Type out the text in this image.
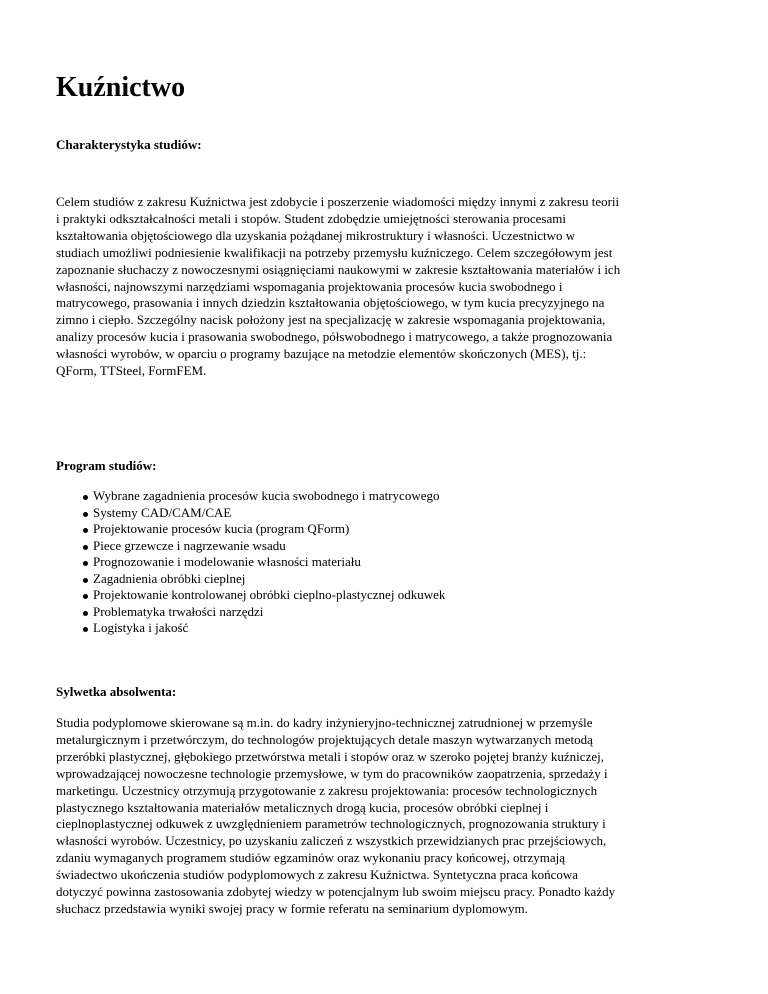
Kuźnictwo
Charakterystyka studiów:
Celem studiów z zakresu Kuźnictwa jest zdobycie i poszerzenie wiadomości między innymi z zakresu teorii
i praktyki odkształcalności metali i stopów. Student zdobędzie umiejętności sterowania procesami
kształtowania objętościowego dla uzyskania pożądanej mikrostruktury i własności. Uczestnictwo w
studiach umożliwi podniesienie kwalifikacji na potrzeby przemysłu kuźniczego. Celem szczegółowym jest
zapoznanie słuchaczy z nowoczesnymi osiągnięciami naukowymi w zakresie kształtowania materiałów i ich
własności, najnowszymi narzędziami wspomagania projektowania procesów kucia swobodnego i
matrycowego, prasowania i innych dziedzin kształtowania objętościowego, w tym kucia precyzyjnego na
zimno i ciepło. Szczególny nacisk położony jest na specjalizację w zakresie wspomagania projektowania,
analizy procesów kucia i prasowania swobodnego, półswobodnego i matrycowego, a także prognozowania
własności wyrobów, w oparciu o programy bazujące na metodzie elementów skończonych (MES), tj.:
QForm, TTSteel, FormFEM.
Program studiów:
Wybrane zagadnienia procesów kucia swobodnego i matrycowego
Systemy CAD/CAM/CAE
Projektowanie procesów kucia (program QForm)
Piece grzewcze i nagrzewanie wsadu
Prognozowanie i modelowanie własności materiału
Zagadnienia obróbki cieplnej
Projektowanie kontrolowanej obróbki cieplno-plastycznej odkuwek
Problematyka trwałości narzędzi
Logistyka i jakość
Sylwetka absolwenta:
Studia podyplomowe skierowane są m.in. do kadry inżynieryjno-technicznej zatrudnionej w przemyśle
metalurgicznym i przetwórczym, do technologów projektujących detale maszyn wytwarzanych metodą
przeróbki plastycznej, głębokiego przetwórstwa metali i stopów oraz w szeroko pojętej branży kuźniczej,
wprowadzającej nowoczesne technologie przemysłowe, w tym do pracowników zaopatrzenia, sprzedaży i
marketingu. Uczestnicy otrzymują przygotowanie z zakresu projektowania: procesów technologicznych
plastycznego kształtowania materiałów metalicznych drogą kucia, procesów obróbki cieplnej i
cieplnoplastycznej odkuwek z uwzględnieniem parametrów technologicznych, prognozowania struktury i
własności wyrobów. Uczestnicy, po uzyskaniu zaliczeń z wszystkich przewidzianych prac przejściowych,
zdaniu wymaganych programem studiów egzaminów oraz wykonaniu pracy końcowej, otrzymają
świadectwo ukończenia studiów podyplomowych z zakresu Kuźnictwa. Syntetyczna praca końcowa
dotyczyć powinna zastosowania zdobytej wiedzy w potencjalnym lub swoim miejscu pracy. Ponadto każdy
słuchacz przedstawia wyniki swojej pracy w formie referatu na seminarium dyplomowym.
